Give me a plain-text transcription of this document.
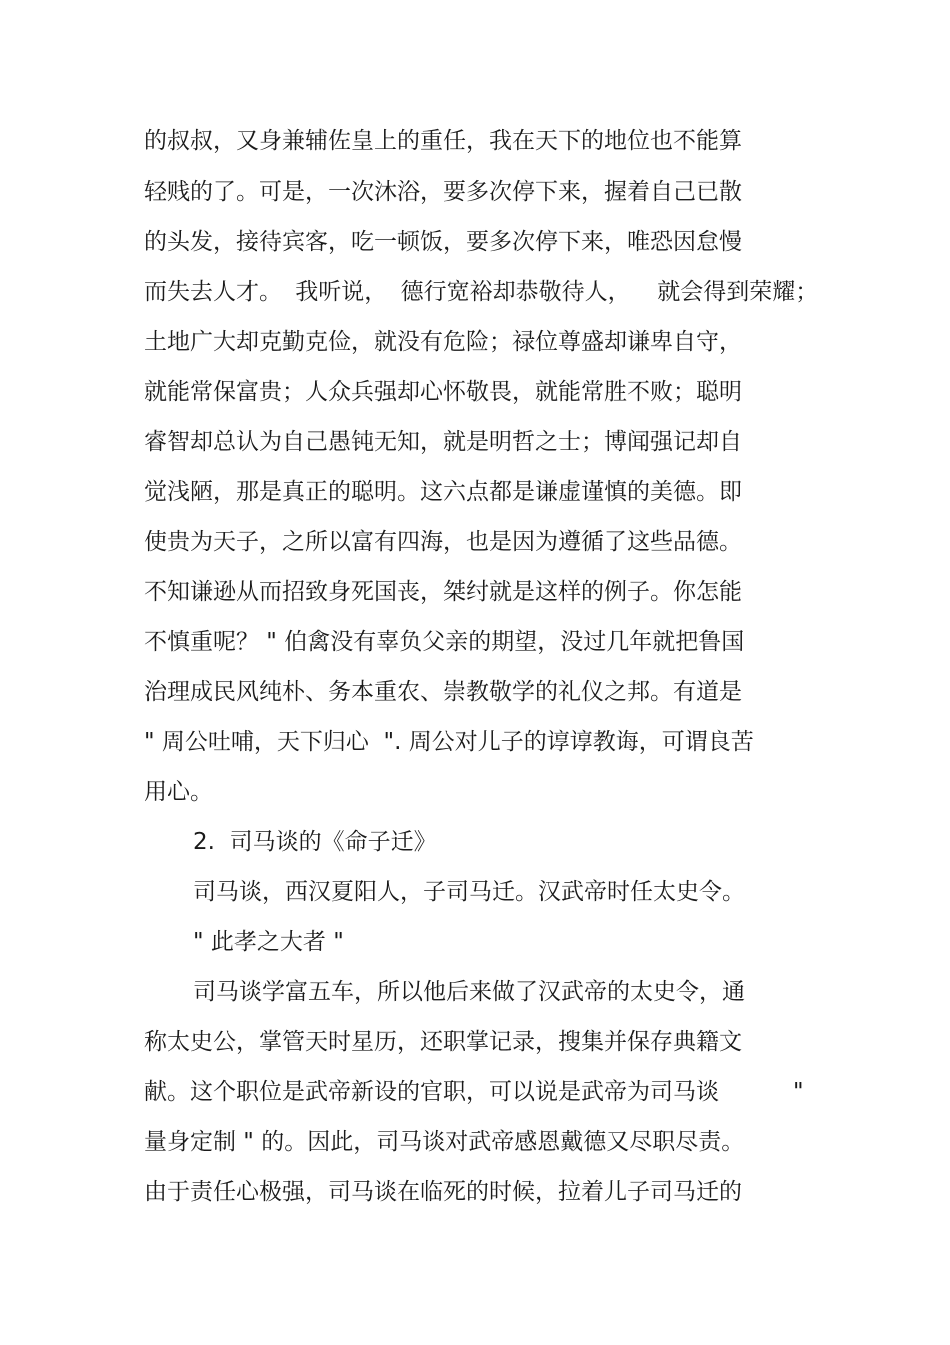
的叔叔，又身兼辅佐皇上的重任，我在天下的地位也不能算
轻贱的了。可是，一次沐浴，要多次停下来，握着自己已散
的头发，接待宾客，吃一顿饭，要多次停下来，唯恐因怠慢
而失去人才。 我听说， 德行宽裕却恭敬待人，  就会得到荣耀；
土地广大却克勤克俭，就没有危险；禄位尊盛却谦卑自守，
就能常保富贵；人众兵强却心怀敬畏，就能常胜不败；聪明
睿智却总认为自己愚钝无知，就是明哲之士；博闻强记却自
觉浅陋，那是真正的聪明。这六点都是谦虚谨慎的美德。即
使贵为天子，之所以富有四海，也是因为遵循了这些品德。
不知谦逊从而招致身死国丧，桀纣就是这样的例子。你怎能
不慎重呢？ " 伯禽没有辜负父亲的期望，没过几年就把鲁国
治理成民风纯朴、务本重农、崇教敬学的礼仪之邦。有道是
" 周公吐哺，天下归心  ". 周公对儿子的谆谆教诲，可谓良苦
用心。
2.  司马谈的《命子迁》
司马谈，西汉夏阳人，子司马迁。汉武帝时任太史令。
" 此孝之大者 "
司马谈学富五车，所以他后来做了汉武帝的太史令，通
称太史公，掌管天时星历，还职掌记录，搜集并保存典籍文
献。这个职位是武帝新设的官职，可以说是武帝为司马谈	"
量身定制 " 的。因此，司马谈对武帝感恩戴德又尽职尽责。
由于责任心极强，司马谈在临死的时候，拉着儿子司马迁的
